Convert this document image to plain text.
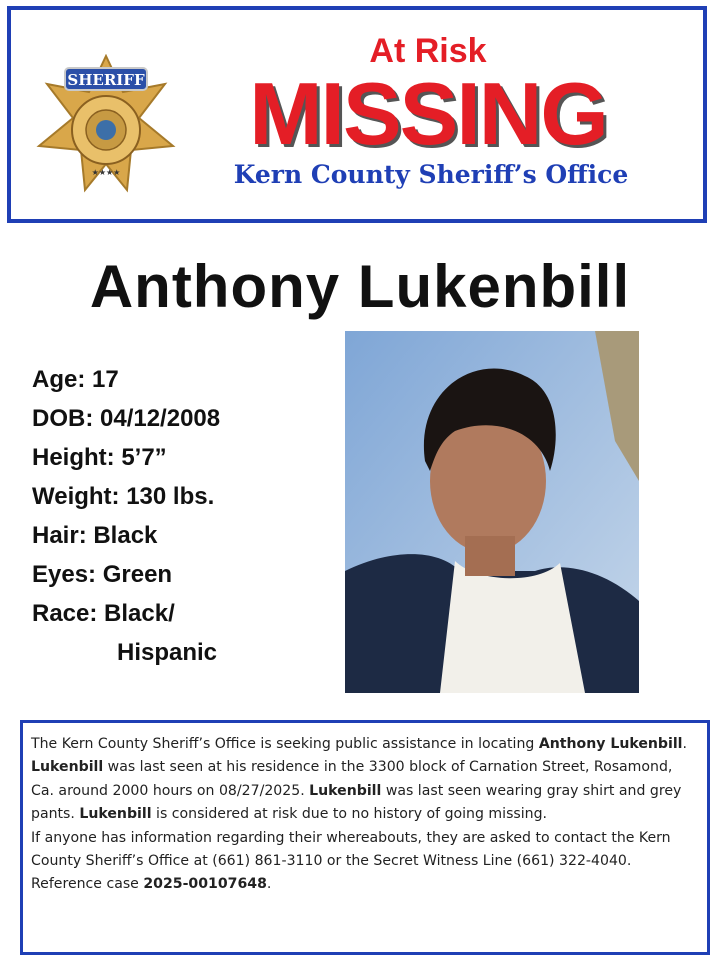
SHERIFF
★★★★
At Risk
MISSING
Kern County Sheriff’s Office
Anthony Lukenbill
Age: 17
DOB: 04/12/2008
Height: 5’7”
Weight: 130 lbs.
Hair: Black
Eyes: Green
Race: Black/
Hispanic

The Kern County Sheriff’s Office is seeking public assistance in locating Anthony Lukenbill. Lukenbill was last seen at his residence in the 3300 block of Carnation Street, Rosamond, Ca. around 2000 hours on 08/27/2025. Lukenbill was last seen wearing gray shirt and grey pants. Lukenbill is considered at risk due to no history of going missing.

If anyone has information regarding their whereabouts, they are asked to contact the Kern County Sheriff’s Office at (661) 861-3110 or the Secret Witness Line (661) 322-4040. Reference case 2025-00107648.
